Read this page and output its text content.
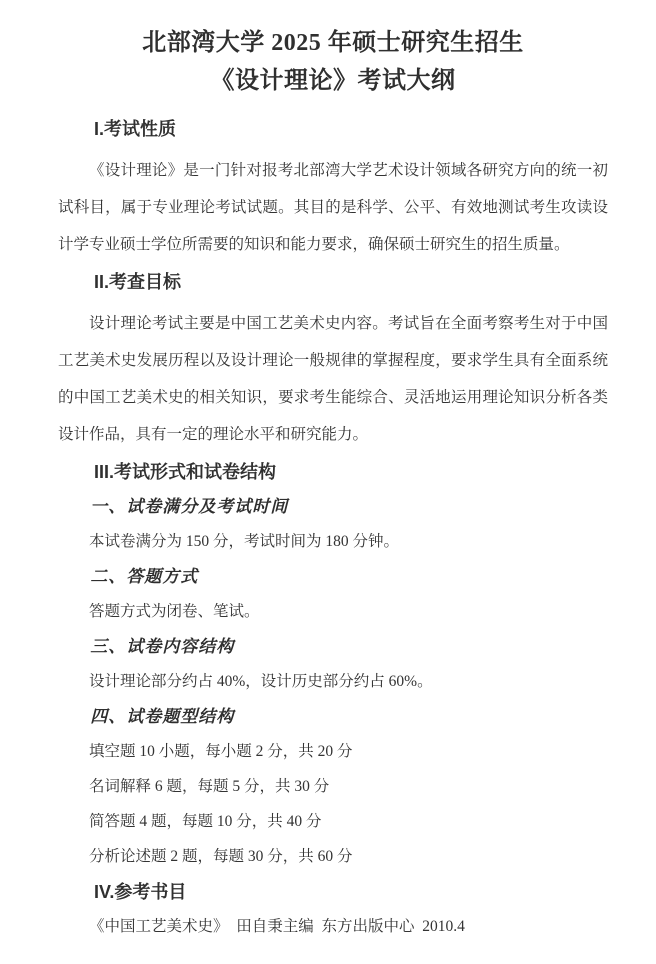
北部湾大学 2025 年硕士研究生招生
《设计理论》考试大纲
I.考试性质

《设计理论》是一门针对报考北部湾大学艺术设计领域各研究方向的统一初试科目，属于专业理论考试试题。其目的是科学、公平、有效地测试考生攻读设计学专业硕士学位所需要的知识和能力要求，确保硕士研究生的招生质量。

II.考查目标

设计理论考试主要是中国工艺美术史内容。考试旨在全面考察考生对于中国工艺美术史发展历程以及设计理论一般规律的掌握程度，要求学生具有全面系统的中国工艺美术史的相关知识，要求考生能综合、灵活地运用理论知识分析各类设计作品，具有一定的理论水平和研究能力。

III.考试形式和试卷结构
一、试卷满分及考试时间

本试卷满分为 150 分，考试时间为 180 分钟。

二、答题方式

答题方式为闭卷、笔试。

三、试卷内容结构

设计理论部分约占 40%，设计历史部分约占 60%。

四、试卷题型结构

填空题 10 小题，每小题 2 分，共 20 分

名词解释 6 题，每题 5 分，共 30 分

简答题 4 题，每题 10 分，共 40 分

分析论述题 2 题，每题 30 分，共 60 分

IV.参考书目

《中国工艺美术史》  田自秉主编  东方出版中心  2010.4
